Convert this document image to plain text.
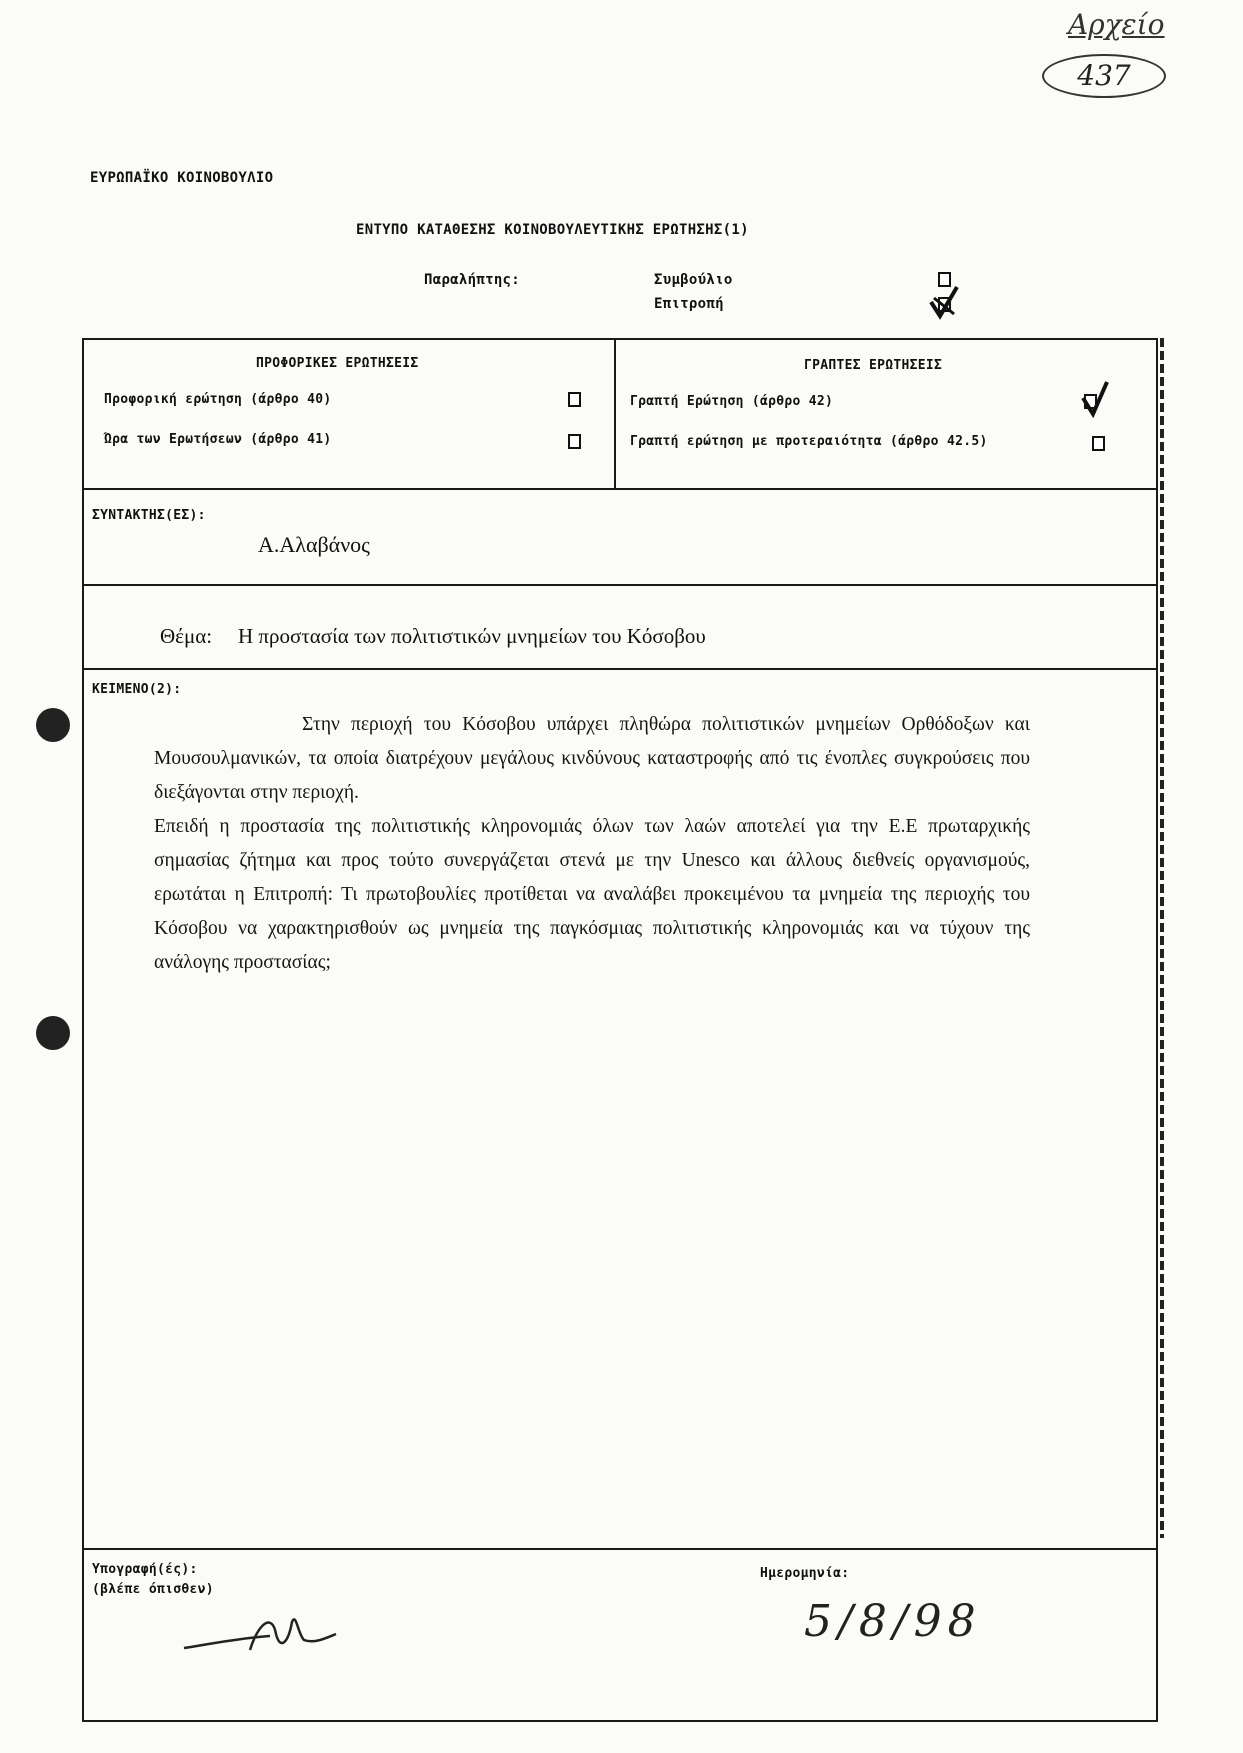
Αρχείο
437
ΕΥΡΩΠΑΪΚΟ ΚΟΙΝΟΒΟΥΛΙΟ
ΕΝΤΥΠΟ ΚΑΤΑΘΕΣΗΣ ΚΟΙΝΟΒΟΥΛΕΥΤΙΚΗΣ ΕΡΩΤΗΣΗΣ(1)
Παραλήπτης:	Συμβούλιο
Επιτροπή
ΠΡΟΦΟΡΙΚΕΣ ΕΡΩΤΗΣΕΙΣ
Προφορική ερώτηση (άρθρο 40)
Ώρα των Ερωτήσεων (άρθρο 41)
ΓΡΑΠΤΕΣ ΕΡΩΤΗΣΕΙΣ
Γραπτή Ερώτηση (άρθρο 42)
Γραπτή ερώτηση με προτεραιότητα (άρθρο 42.5)
ΣΥΝΤΑΚΤΗΣ(ΕΣ):
Α.Αλαβάνος
Θέμα: Η προστασία των πολιτιστικών μνημείων του Κόσοβου
ΚΕΙΜΕΝΟ(2):
Στην περιοχή του Κόσοβου υπάρχει πληθώρα πολιτιστικών μνημείων Ορθόδοξων και Μουσουλμανικών, τα οποία διατρέχουν μεγάλους κινδύνους καταστροφής από τις ένοπλες συγκρούσεις που διεξάγονται στην περιοχή.
Επειδή η προστασία της πολιτιστικής κληρονομιάς όλων των λαών αποτελεί για την Ε.Ε πρωταρχικής σημασίας ζήτημα και προς τούτο συνεργάζεται στενά με την Unesco και άλλους διεθνείς οργανισμούς, ερωτάται η Επιτροπή: Τι πρωτοβουλίες προτίθεται να αναλάβει προκειμένου τα μνημεία της περιοχής του Κόσοβου να χαρακτηρισθούν ως μνημεία της παγκόσμιας πολιτιστικής κληρονομιάς και να τύχουν της ανάλογης προστασίας;
Υπογραφή(ές):
(βλέπε όπισθεν)
Ημερομηνία:
5/8/98
